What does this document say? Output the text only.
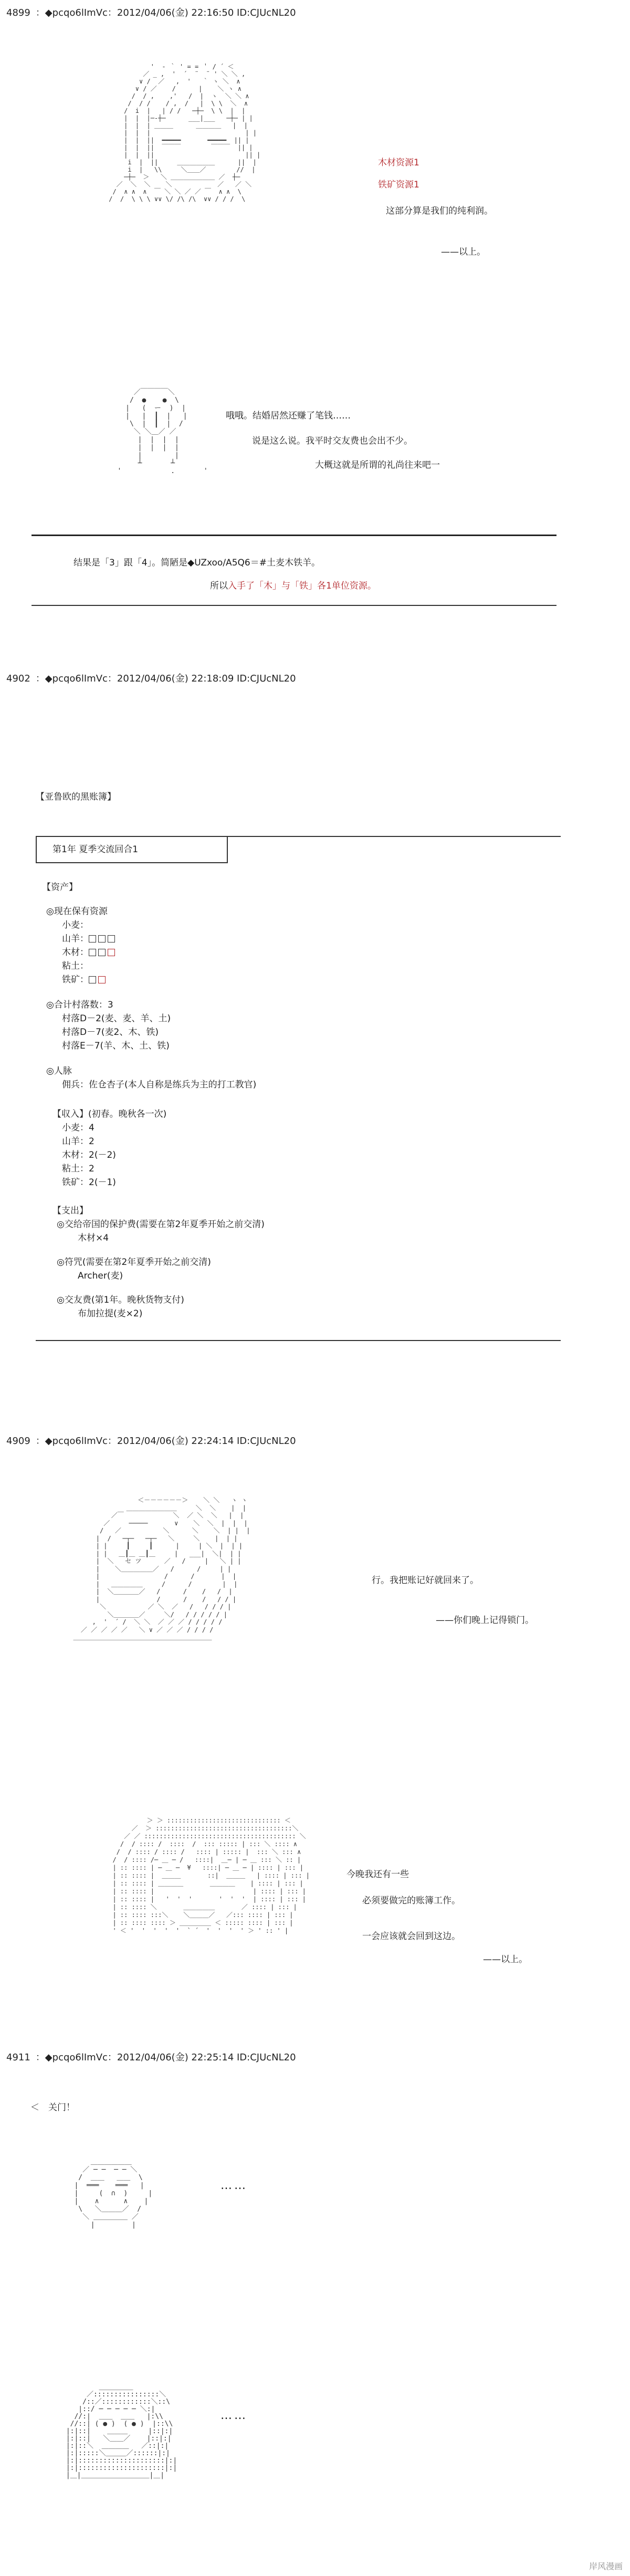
4899 ：◆pcqo6lImVc：2012/04/06(金) 22:16:50 ID:CJUcNL20
'  - ｀ ' = = ＇ / ´ ＜
／ _ ,  '  ´  ¨  ¨ ' ＼ ＼ ,
∨ /  ／   ,  '   ｀ ヽ ＼  ∧
∨ / ／    /      |    ＼ ヽ ∧
/  / ,    ,'   /  |  ヽ  ＼ ＼ ∧
/  / /    / ,  /   |  \ \  ＼  ∧
/  i  |   | / /   ─┼─  \ \  |  |
|  |  |─-┼─      ___|___   ─┼─ | |
|  |  | ＿＿＿      ＿＿＿＿   |  |
|  |  |                         | |
|  |  ||  ━━━━━       ━━━━━  || |
|  |  ||  ￣￣￣        ￣￣￣  || |
|  |  ||                        || |
i  |  ||     ＿＿＿＿＿＿      ||  |
i  |   \\     ＼＿＿／        //  |
─┼─  ＞   ＼ ＿＿＿＿＿＿＿ ／  ┼─
／  ＼  ＼    ＼            ／   ／ ＼
/  ∧ ∧  ∧  ￣ ＼ ＼ ／ ／ ￣  ∧ ∧  \
/  /  \ \ \ ∨∨ \/ /\ /\  ∨∨ / / /  \
木材资源1
铁矿资源1
这部分算是我们的纯利润。
——以上。
／￣￣￣￣＼
/  ●    ●  \
|   (  ー  )  |
|   |  ┃  |   |
\  |  ┃  |  /
＼ ＼＿／ ／
|  |  |  |
|  |  |  |
|        |
┴       ┴
'            .       '
哦哦。结婚居然还赚了笔钱……
说是这么说。我平时交友费也会出不少。
大概这就是所谓的礼尚往来吧一
结果是「3」跟「4」。简陋是◆UZxoo/A5Q6＝#土麦木铁羊。
所以入手了「木」与「铁」各1单位资源。
4902 ：◆pcqo6lImVc：2012/04/06(金) 22:18:09 ID:CJUcNL20
【亚鲁欧的黑账簿】
第1年 夏季交流回合1
【资产】
◎现在保有资源
小麦：
山羊：
木材：
粘土：
铁矿：
◎合计村落数：3
村落D－2(麦、麦、羊、土)
村落D－7(麦2、木、铁)
村落E－7(羊、木、土、铁)
◎人脉
佣兵：佐仓杏子(本人自称是练兵为主的打工教官)
【収入】(初春。晚秋各一次)
小麦：4
山羊：2
木材：2(－2)
粘土：2
铁矿：2(－1)
【支出】
◎交给帝国的保护费(需要在第2年夏季开始之前交清)
木材×4
◎符咒(需要在第2年夏季开始之前交清)
Archer(麦)
◎交友费(第1年。晚秋货物支付)
布加拉提(麦×2)
4909 ：◆pcqo6lImVc：2012/04/06(金) 22:24:14 ID:CJUcNL20
＜－－－－－－＞    ＼ ＼   ヽ ヽ
＿＿＿＿＿＿＿＿     ＼  ＼    |  |
／￣             ＼  ／ ＼  ＼   |  |
／     ─────       ∨    ＼  ＼  |  |  |
/   ／           ＼      ＼    ＼  | |  |
|  /   ─┬─   ─┬─   ＼     ＼    |  | |
| |     ┃     ┃      |     | ＼  |  | |
| |   ＿┃＿ ＿┃＿     |   ___|  ＼|  | |
|  ＼   セ ツ      ／   /     |   ＼ | |
|    ＼＿＿＿＿＿／   /      /     | |
|                 /      /       |  |
|   ＿＿＿＿＿     /      /        |  |
|  ＼＿＿＿＿／   /      /    /   /  |
|               /      /    /   / / |
＼           ／ ＼  ／   /   / / / |
＼＿＿＿＿／     ＼/   / / / / / |
,  '  ´ /  ＼ ＼  ／ ／ ／ / / / / /
／ ／ ／ ／ ／   ＼ ∨ ／ ／ ／ / / / /
＿＿＿＿＿＿＿＿＿＿＿＿＿＿＿＿＿＿＿＿＿＿
行。我把账记好就回来了。
——你们晚上记得锁门。
＞ ＞ :::::::::::::::::::::::::::::: ＜
／  ＞ ::::::::::::::::::::::::::::::::::::＼
／ ／ :::::::::::::::::::::::::::::::::::::::: ＼
/  / :::: /  ::::  /  ::: ::::: | ::: ＼ :::: ∧
/  / :::: / :::: /   :::: | ::::: |  ::: ＼ ::: ∧
/  / :::: /─ ＿ ─ /   ::::|  ＿─ | ─ ＿ ::: ＼ :: |
| :: :::: | ─ ＿ ─  ¥   ::::| ─ ＿ ─ | :::: | ::: |
| :: :::: |  ＿＿＿       ::|  ＿＿＿   | :::: | ::: |
| :: :::: | ＿＿＿＿       ＿＿＿＿    | :::: | ::: |
| :: :::: |                          | :::: | ::: |
| :: :::: |   '  '  '       '  '  '  | :::: | ::: |
| :: :::: ＼       ＿＿＿＿＿       ／ :::: | ::: |
| :: :::: :::＼    ＼＿＿＿／   ／::: :::: | ::: |
| :: :::: :::: ＞ ＿＿＿＿＿ ＜ ::::: :::: | ::: |
' ＜ '  '  '  '  '  ` ´  '  '  '  ' ＞ ' :: ' |
今晚我还有一些
必须要做完的账簿工作。
一会应该就会回到这边。
——以上。
4911 ：◆pcqo6lImVc：2012/04/06(金) 22:25:14 ID:CJUcNL20
＜　关门！
＿＿＿＿＿＿
／ ─ ─  ─ ─ ＼
/  ＿＿   ＿＿  \
|  ═══    ═══   |
|     (  ∩  )     |
|    ∧      ∧    |
\   ＼＿＿＿／  /
＼ ＿＿＿＿＿ ／
|         |
……
＿＿＿＿＿
／::::::::::::::::＼
/::／::::::::::::＼::\
|::/ ─ ─ ─ ─ ─ ＼:|
//:|  ＿＿  ＿＿   |:\\
//::| ( ● )  ( ● )  |::\\
|:|::|    ＿＿＿     |::|:|
|:|::|   ＼＿＿／    |::|:|
|:|::＼  ＿＿＿＿   ／::|:|
|:|:::::＼＿＿＿／::::::|:|
|:|:::::::::::::::::::::|:|
|:|:::::::::::::::::::::|:|
|＿|＿＿＿＿＿＿＿＿＿＿|＿|
……
岸风漫画
